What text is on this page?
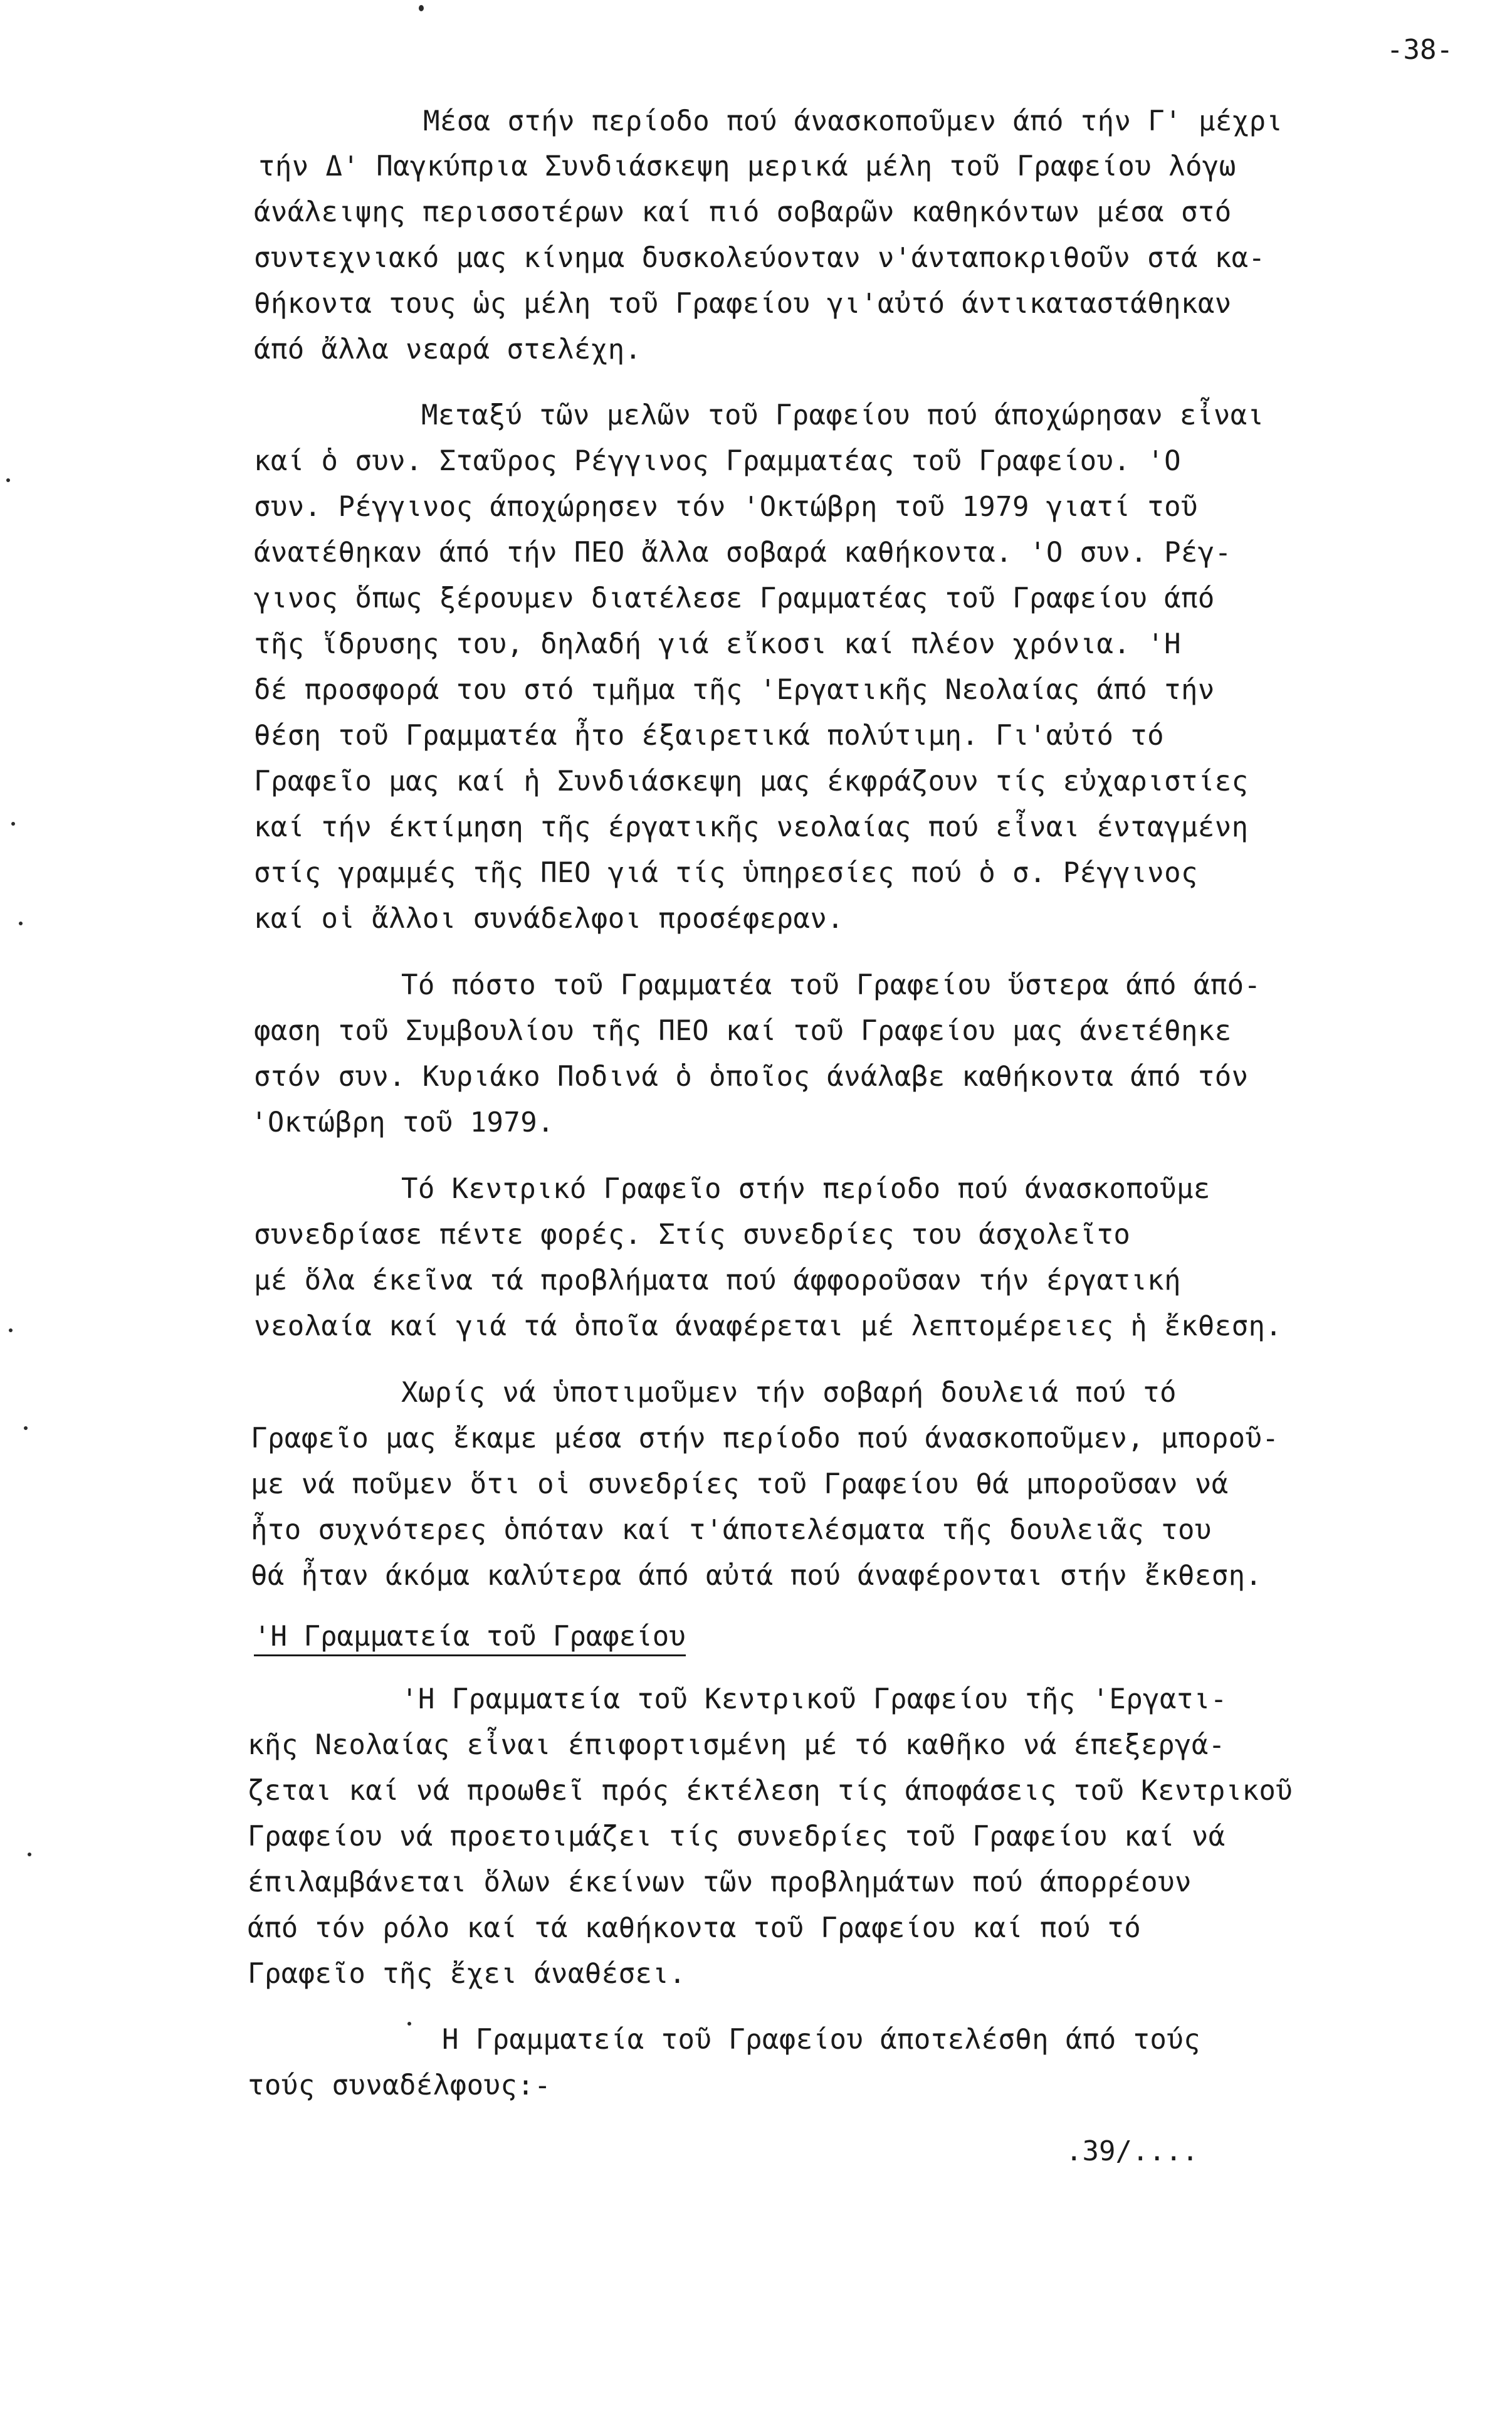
-38-
Μέσα στήν περίοδο πού άνασκοποῦμεν άπό τήν Γ' μέχρι
τήν Δ' Παγκύπρια Συνδιάσκεψη μερικά μέλη τοῦ Γραφείου λόγω
άνάλειψης περισσοτέρων καί πιό σοβαρῶν καθηκόντων μέσα στό
συντεχνιακό μας κίνημα δυσκολεύονταν ν'άνταποκριθοῦν στά κα-
θήκοντα τους ὡς μέλη τοῦ Γραφείου γι'αὐτό άντικαταστάθηκαν
άπό ἄλλα νεαρά στελέχη.
Μεταξύ τῶν μελῶν τοῦ Γραφείου πού άποχώρησαν εἶναι
καί ὁ συν. Σταῦρος Ρέγγινος Γραμματέας τοῦ Γραφείου. 'Ο
συν. Ρέγγινος άποχώρησεν τόν 'Οκτώβρη τοῦ 1979 γιατί τοῦ
άνατέθηκαν άπό τήν ΠΕΟ ἄλλα σοβαρά καθήκοντα. 'Ο συν. Ρέγ-
γινος ὅπως ξέρουμεν διατέλεσε Γραμματέας τοῦ Γραφείου άπό
τῆς ἵδρυσης του, δηλαδή γιά εἴκοσι καί πλέον χρόνια. 'Η
δέ προσφορά του στό τμῆμα τῆς 'Εργατικῆς Νεολαίας άπό τήν
θέση τοῦ Γραμματέα ἦτο έξαιρετικά πολύτιμη. Γι'αὐτό τό
Γραφεῖο μας καί ἡ Συνδιάσκεψη μας έκφράζουν τίς εὐχαριστίες
καί τήν έκτίμηση τῆς έργατικῆς νεολαίας πού εἶναι ένταγμένη
στίς γραμμές τῆς ΠΕΟ γιά τίς ὑπηρεσίες πού ὁ σ. Ρέγγινος
καί οἱ ἄλλοι συνάδελφοι προσέφεραν.
Τό πόστο τοῦ Γραμματέα τοῦ Γραφείου ὕστερα άπό άπό-
φαση τοῦ Συμβουλίου τῆς ΠΕΟ καί τοῦ Γραφείου μας άνετέθηκε
στόν συν. Κυριάκο Ποδινά ὁ ὁποῖος άνάλαβε καθήκοντα άπό τόν
'Οκτώβρη τοῦ 1979.
Τό Κεντρικό Γραφεῖο στήν περίοδο πού άνασκοποῦμε
συνεδρίασε πέντε φορές. Στίς συνεδρίες του άσχολεῖτο
μέ ὅλα έκεῖνα τά προβλήματα πού άφφοροῦσαν τήν έργατική
νεολαία καί γιά τά ὁποῖα άναφέρεται μέ λεπτομέρειες ἡ ἔκθεση.
Χωρίς νά ὑποτιμοῦμεν τήν σοβαρή δουλειά πού τό
Γραφεῖο μας ἔκαμε μέσα στήν περίοδο πού άνασκοποῦμεν, μποροῦ-
με νά ποῦμεν ὅτι οἱ συνεδρίες τοῦ Γραφείου θά μποροῦσαν νά
ἦτο συχνότερες ὁπόταν καί τ'άποτελέσματα τῆς δουλειᾶς του
θά ἦταν άκόμα καλύτερα άπό αὐτά πού άναφέρονται στήν ἔκθεση.
'Η Γραμματεία τοῦ Γραφείου
'Η Γραμματεία τοῦ Κεντρικοῦ Γραφείου τῆς 'Εργατι-
κῆς Νεολαίας εἶναι έπιφορτισμένη μέ τό καθῆκο νά έπεξεργά-
ζεται καί νά προωθεῖ πρός έκτέλεση τίς άποφάσεις τοῦ Κεντρικοῦ
Γραφείου νά προετοιμάζει τίς συνεδρίες τοῦ Γραφείου καί νά
έπιλαμβάνεται ὅλων έκείνων τῶν προβλημάτων πού άπορρέουν
άπό τόν ρόλο καί τά καθήκοντα τοῦ Γραφείου καί πού τό
Γραφεῖο τῆς ἔχει άναθέσει.
Η Γραμματεία τοῦ Γραφείου άποτελέσθη άπό τούς
τούς συναδέλφους:-
.39/....
